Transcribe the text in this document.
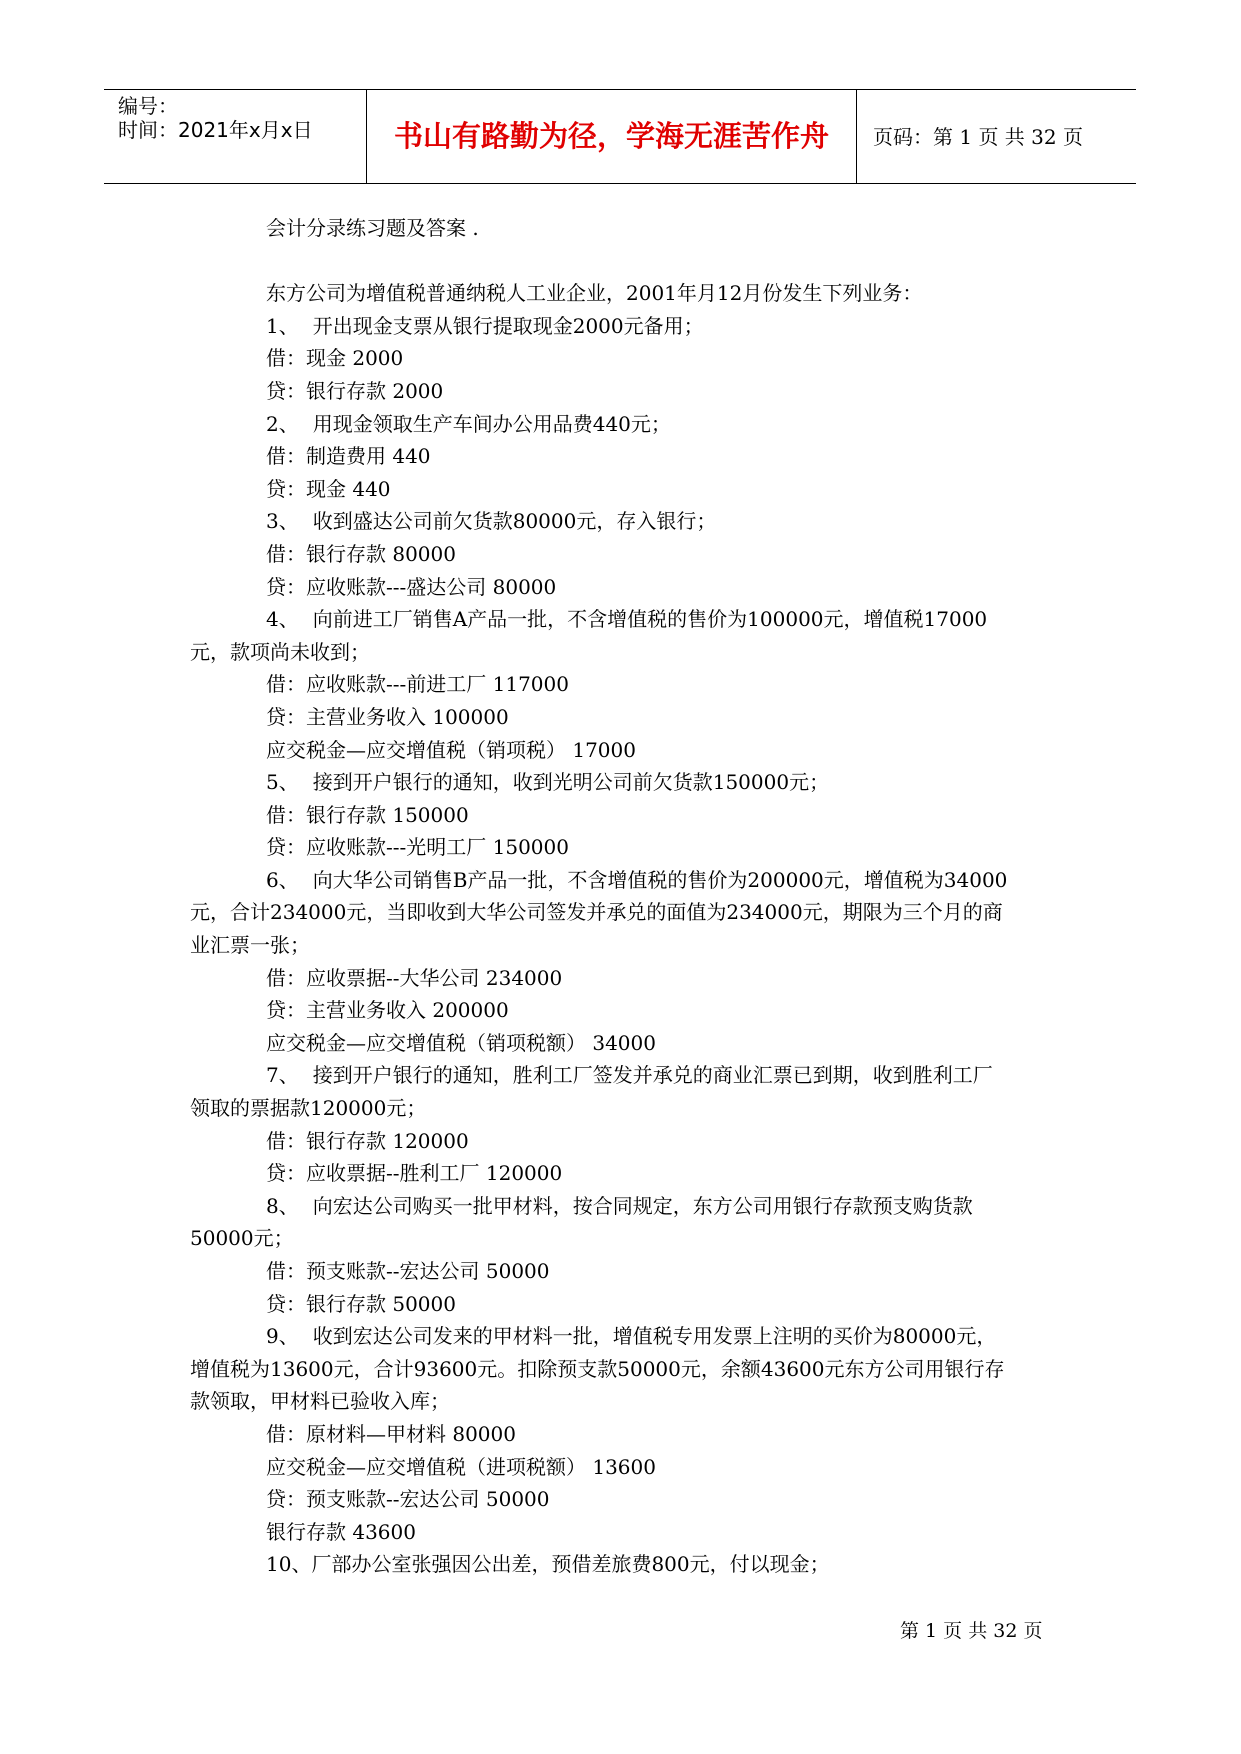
编号：
时间：2021年x月x日	书山有路勤为径，学海无涯苦作舟	页码：第 1 页 共 32 页
会计分录练习题及答案 .
东方公司为增值税普通纳税人工业企业，2001年月12月份发生下列业务：
1、 开出现金支票从银行提取现金2000元备用；
借：现金 2000
贷：银行存款 2000
2、 用现金领取生产车间办公用品费440元；
借：制造费用 440
贷：现金 440
3、 收到盛达公司前欠货款80000元，存入银行；
借：银行存款 80000
贷：应收账款---盛达公司 80000
4、 向前进工厂销售A产品一批，不含增值税的售价为100000元，增值税17000
元，款项尚未收到；
借：应收账款---前进工厂 117000
贷：主营业务收入 100000
应交税金—应交增值税（销项税） 17000
5、 接到开户银行的通知，收到光明公司前欠货款150000元；
借：银行存款 150000
贷：应收账款---光明工厂 150000
6、 向大华公司销售B产品一批，不含增值税的售价为200000元，增值税为34000
元，合计234000元，当即收到大华公司签发并承兑的面值为234000元，期限为三个月的商
业汇票一张；
借：应收票据--大华公司 234000
贷：主营业务收入 200000
应交税金—应交增值税（销项税额） 34000
7、 接到开户银行的通知，胜利工厂签发并承兑的商业汇票已到期，收到胜利工厂
领取的票据款120000元；
借：银行存款 120000
贷：应收票据--胜利工厂 120000
8、 向宏达公司购买一批甲材料，按合同规定，东方公司用银行存款预支购货款
50000元；
借：预支账款--宏达公司 50000
贷：银行存款 50000
9、 收到宏达公司发来的甲材料一批，增值税专用发票上注明的买价为80000元，
增值税为13600元，合计93600元。扣除预支款50000元，余额43600元东方公司用银行存
款领取，甲材料已验收入库；
借：原材料—甲材料 80000
应交税金—应交增值税（进项税额） 13600
贷：预支账款--宏达公司 50000
银行存款 43600
10、厂部办公室张强因公出差，预借差旅费800元，付以现金；
第 1 页 共 32 页
